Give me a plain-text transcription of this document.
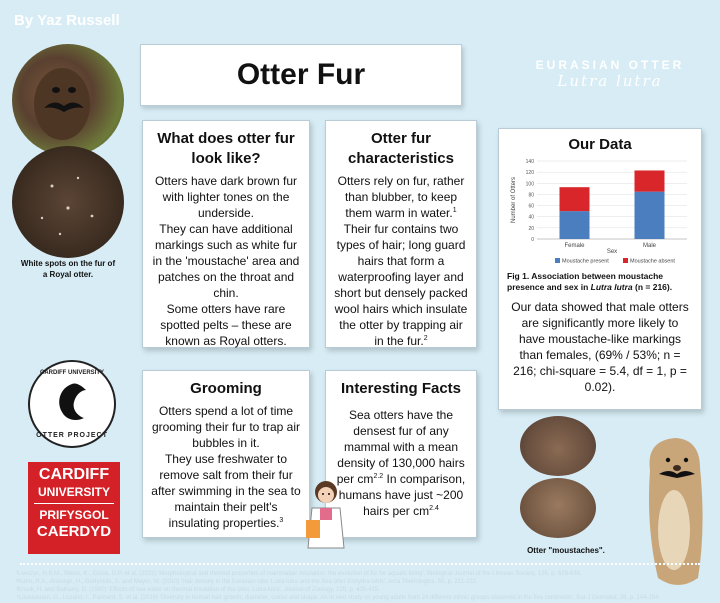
By Yaz Russell
Otter Fur	EURASIAN OTTER
Lutra lutra
White spots on the fur of a Royal otter.
CARDIFF UNIVERSITY
OTTER PROJECT
CARDIFF
UNIVERSITY
PRIFYSGOL
CAERDYD
What does otter fur look like?

Otters have dark brown fur with lighter tones on the underside.

They can have additional markings such as white fur in the 'moustache' area and patches on the throat and chin.

Some otters have rare spotted pelts – these are known as Royal otters.

Otter fur characteristics

Otters rely on fur, rather than blubber, to keep them warm in water.$^1$

Their fur contains two types of hair; long guard hairs that form a waterproofing layer and short but densely packed wool hairs which insulate the otter by trapping air in the fur.$^2$

Our Data
0
20
40
60
80
100
120
140
Number of Otters
Female	Male
Sex
Moustache present	Moustache absent
Fig 1. Association between moustache presence and sex in Lutra lutra (n = 216).
Our data showed that male otters are significantly more likely to have moustache-like markings than females, (69% / 53%; n = 216; chi-square = 5.4, df = 1, p = 0.02).
Grooming

Otters spend a lot of time grooming their fur to trap air bubbles in it.

They use freshwater to remove salt from their fur after swimming in the sea to maintain their pelt's insulating properties.$^3$

Interesting Facts
Sea otters have the densest fur of any mammal with a mean density of 130,000 hairs per $cm^{2.2}$ In comparison, humans have just ~200 hairs per $cm^{2.4}$
Otter "moustaches".
¹Liwszyc, H.S.M., Weiss, K., Costa, G.P. et al. (2022) 'Morphological and thermal properties of mammalian insulation: the evolution of fur for aquatic living', Biological Journal of the Linnean Society, 135, p. 628-638.
²Kuhn, R.A., Ansorge, H., Godynicki, S. and Meyer, W. (2010) 'Hair density in the Eurasian otter Lutra lutra and the Sea otter Enhydra lutris', Acta Theriologica, 55, p. 211-222.
³Kruuk, H. and Balharry, D. (1990) 'Effects of sea water on thermal insulation of the otter, Lutra lutra', Journal of Zoology, 220, p. 405-415.
⁴Loussouarn, G., Lozano, I., Panhard, S. et al. (2016) 'Diversity in human hair growth, diameter, colour and shape. An in vivo study on young adults from 24 different ethnic groups observed in the five continents', Eur J Dermatol, 26, p. 144-154.
